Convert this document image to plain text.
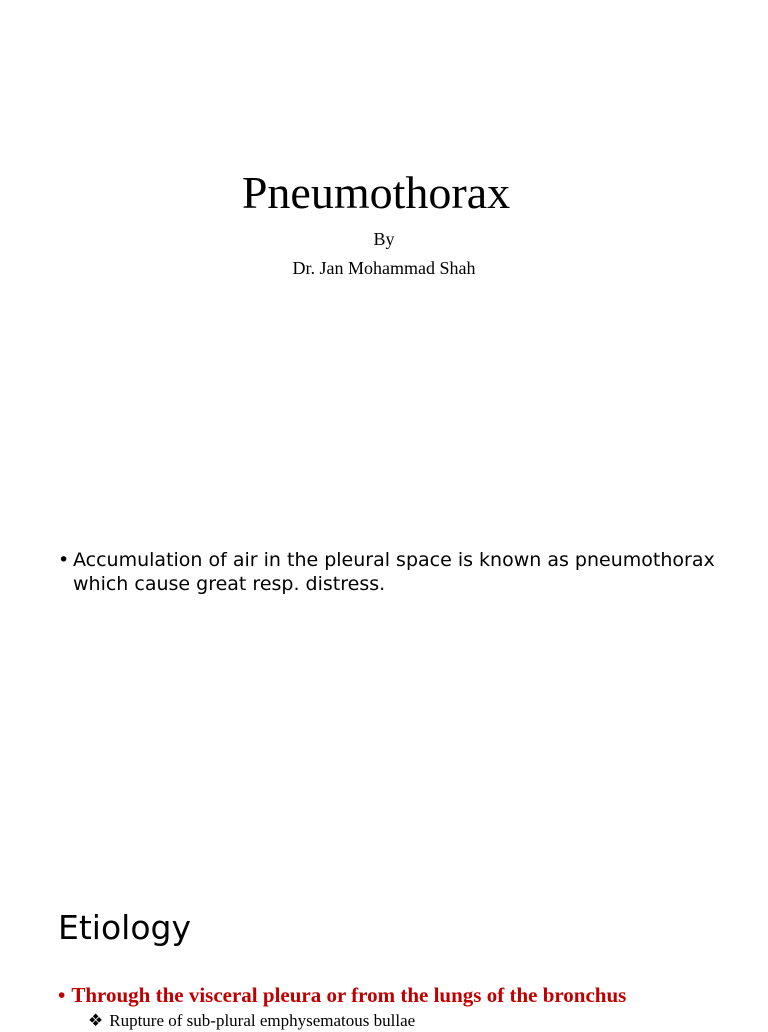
Pneumothorax
By
Dr. Jan Mohammad Shah
• Accumulation of air in the pleural space is known as pneumothorax which cause great resp. distress.
Etiology
• Through the visceral pleura or from the lungs of the bronchus
❖ Rupture of sub-plural emphysematous bullae
